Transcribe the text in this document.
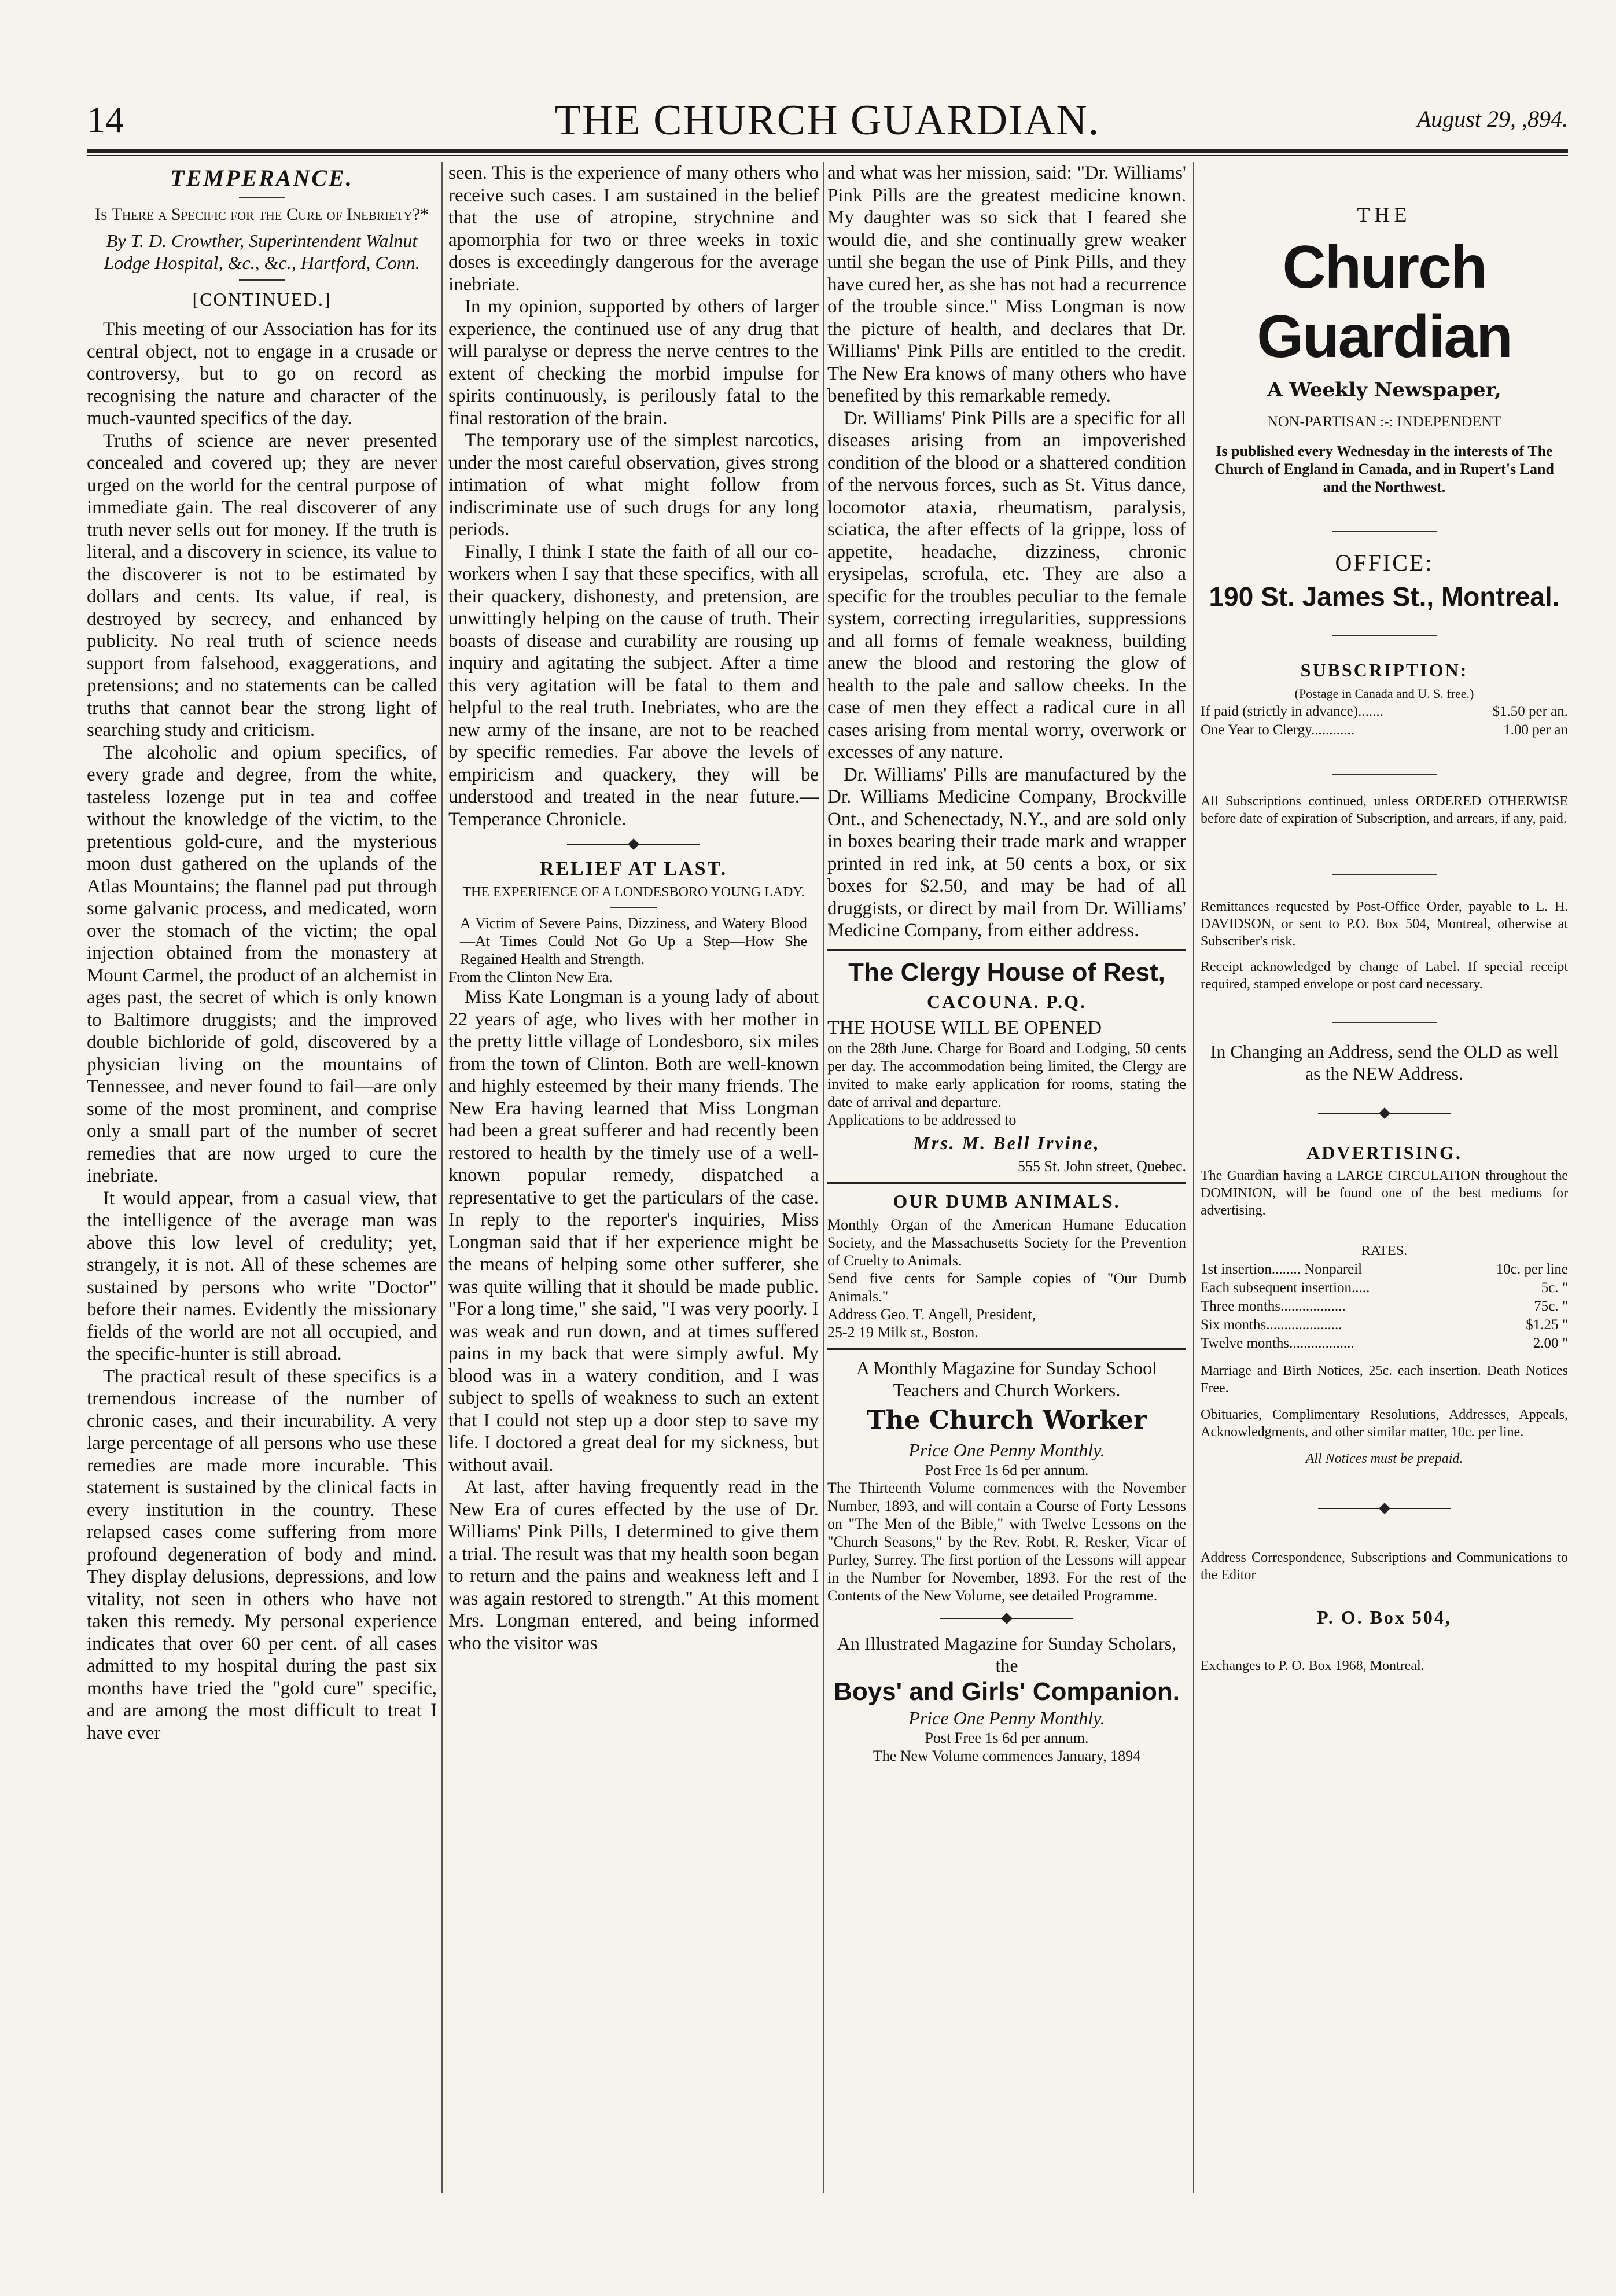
14	THE CHURCH GUARDIAN.	August 29, ,894.
TEMPERANCE.
Is There a Specific for the Cure of Inebriety?*
By T. D. Crowther, Superintendent Walnut Lodge Hospital, &c., &c., Hartford, Conn.
[CONTINUED.]

This meeting of our Association has for its central object, not to engage in a crusade or controversy, but to go on record as recognising the nature and character of the much-vaunted specifics of the day.

Truths of science are never presented concealed and covered up; they are never urged on the world for the central purpose of immediate gain. The real discoverer of any truth never sells out for money. If the truth is literal, and a discovery in science, its value to the discoverer is not to be estimated by dollars and cents. Its value, if real, is destroyed by secrecy, and enhanced by publicity. No real truth of science needs support from falsehood, exaggerations, and pretensions; and no statements can be called truths that cannot bear the strong light of searching study and criticism.

The alcoholic and opium specifics, of every grade and degree, from the white, tasteless lozenge put in tea and coffee without the knowledge of the victim, to the pretentious gold-cure, and the mysterious moon dust gathered on the uplands of the Atlas Mountains; the flannel pad put through some galvanic process, and medicated, worn over the stomach of the victim; the opal injection obtained from the monastery at Mount Carmel, the product of an alchemist in ages past, the secret of which is only known to Baltimore druggists; and the improved double bichloride of gold, discovered by a physician living on the mountains of Tennessee, and never found to fail—are only some of the most prominent, and comprise only a small part of the number of secret remedies that are now urged to cure the inebriate.

It would appear, from a casual view, that the intelligence of the average man was above this low level of credulity; yet, strangely, it is not. All of these schemes are sustained by persons who write "Doctor" before their names. Evidently the missionary fields of the world are not all occupied, and the specific-hunter is still abroad.

The practical result of these specifics is a tremendous increase of the number of chronic cases, and their incurability. A very large percentage of all persons who use these remedies are made more incurable. This statement is sustained by the clinical facts in every institution in the country. These relapsed cases come suffering from more profound degeneration of body and mind. They display delusions, depressions, and low vitality, not seen in others who have not taken this remedy. My personal experience indicates that over 60 per cent. of all cases admitted to my hospital during the past six months have tried the "gold cure" specific, and are among the most difficult to treat I have ever

seen. This is the experience of many others who receive such cases. I am sustained in the belief that the use of atropine, strychnine and apomorphia for two or three weeks in toxic doses is exceedingly dangerous for the average inebriate.

In my opinion, supported by others of larger experience, the continued use of any drug that will paralyse or depress the nerve centres to the extent of checking the morbid impulse for spirits continuously, is perilously fatal to the final restoration of the brain.

The temporary use of the simplest narcotics, under the most careful observation, gives strong intimation of what might follow from indiscriminate use of such drugs for any long periods.

Finally, I think I state the faith of all our co-workers when I say that these specifics, with all their quackery, dishonesty, and pretension, are unwittingly helping on the cause of truth. Their boasts of disease and curability are rousing up inquiry and agitating the subject. After a time this very agitation will be fatal to them and helpful to the real truth. Inebriates, who are the new army of the insane, are not to be reached by specific remedies. Far above the levels of empiricism and quackery, they will be understood and treated in the near future.—Temperance Chronicle.

RELIEF AT LAST.
THE EXPERIENCE OF A LONDESBORO YOUNG LADY.

A Victim of Severe Pains, Dizziness, and Watery Blood—At Times Could Not Go Up a Step—How She Regained Health and Strength.

From the Clinton New Era.

Miss Kate Longman is a young lady of about 22 years of age, who lives with her mother in the pretty little village of Londesboro, six miles from the town of Clinton. Both are well-known and highly esteemed by their many friends. The New Era having learned that Miss Longman had been a great sufferer and had recently been restored to health by the timely use of a well-known popular remedy, dispatched a representative to get the particulars of the case. In reply to the reporter's inquiries, Miss Longman said that if her experience might be the means of helping some other sufferer, she was quite willing that it should be made public. "For a long time," she said, "I was very poorly. I was weak and run down, and at times suffered pains in my back that were simply awful. My blood was in a watery condition, and I was subject to spells of weakness to such an extent that I could not step up a door step to save my life. I doctored a great deal for my sickness, but without avail.

At last, after having frequently read in the New Era of cures effected by the use of Dr. Williams' Pink Pills, I determined to give them a trial. The result was that my health soon began to return and the pains and weakness left and I was again restored to strength." At this moment Mrs. Longman entered, and being informed who the visitor was

and what was her mission, said: "Dr. Williams' Pink Pills are the greatest medicine known. My daughter was so sick that I feared she would die, and she continually grew weaker until she began the use of Pink Pills, and they have cured her, as she has not had a recurrence of the trouble since." Miss Longman is now the picture of health, and declares that Dr. Williams' Pink Pills are entitled to the credit. The New Era knows of many others who have benefited by this remarkable remedy.

Dr. Williams' Pink Pills are a specific for all diseases arising from an impoverished condition of the blood or a shattered condition of the nervous forces, such as St. Vitus dance, locomotor ataxia, rheumatism, paralysis, sciatica, the after effects of la grippe, loss of appetite, headache, dizziness, chronic erysipelas, scrofula, etc. They are also a specific for the troubles peculiar to the female system, correcting irregularities, suppressions and all forms of female weakness, building anew the blood and restoring the glow of health to the pale and sallow cheeks. In the case of men they effect a radical cure in all cases arising from mental worry, overwork or excesses of any nature.

Dr. Williams' Pills are manufactured by the Dr. Williams Medicine Company, Brockville Ont., and Schenectady, N.Y., and are sold only in boxes bearing their trade mark and wrapper printed in red ink, at 50 cents a box, or six boxes for $2.50, and may be had of all druggists, or direct by mail from Dr. Williams' Medicine Company, from either address.

The Clergy House of Rest,
CACOUNA. P.Q.
THE HOUSE WILL BE OPENED

on the 28th June. Charge for Board and Lodging, 50 cents per day. The accommodation being limited, the Clergy are invited to make early application for rooms, stating the date of arrival and departure.

Applications to be addressed to

Mrs. M. Bell Irvine,
555 St. John street, Quebec.
OUR DUMB ANIMALS.

Monthly Organ of the American Humane Education Society, and the Massachusetts Society for the Prevention of Cruelty to Animals.

Send five cents for Sample copies of "Our Dumb Animals."

Address Geo. T. Angell, President,

25-2 19 Milk st., Boston.

A Monthly Magazine for Sunday School Teachers and Church Workers.
The Church Worker
Price One Penny Monthly.
Post Free 1s 6d per annum.

The Thirteenth Volume commences with the November Number, 1893, and will contain a Course of Forty Lessons on "The Men of the Bible," with Twelve Lessons on the "Church Seasons," by the Rev. Robt. R. Resker, Vicar of Purley, Surrey. The first portion of the Lessons will appear in the Number for November, 1893. For the rest of the Contents of the New Volume, see detailed Programme.

An Illustrated Magazine for Sunday Scholars, the
Boys' and Girls' Companion.
Price One Penny Monthly.
Post Free 1s 6d per annum.
The New Volume commences January, 1894
THE
Church Guardian
A Weekly Newspaper,
NON-PARTISAN :-: INDEPENDENT

Is published every Wednesday in the interests of The Church of England in Canada, and in Rupert's Land and the Northwest.

OFFICE:
190 St. James St., Montreal.
SUBSCRIPTION:
(Postage in Canada and U. S. free.)
If paid (strictly in advance).......	$1.50 per an.
One Year to Clergy............	1.00 per an

All Subscriptions continued, unless ORDERED OTHERWISE before date of expiration of Subscription, and arrears, if any, paid.

Remittances requested by Post-Office Order, payable to L. H. DAVIDSON, or sent to P.O. Box 504, Montreal, otherwise at Subscriber's risk.

Receipt acknowledged by change of Label. If special receipt required, stamped envelope or post card necessary.

In Changing an Address, send the OLD as well as the NEW Address.

ADVERTISING.

The Guardian having a LARGE CIRCULATION throughout the DOMINION, will be found one of the best mediums for advertising.

RATES.
1st insertion........ Nonpareil	10c. per line
Each subsequent insertion.....	5c. "
Three months..................	75c. "
Six months.....................	$1.25 "
Twelve months..................	2.00 "

Marriage and Birth Notices, 25c. each insertion. Death Notices Free.

Obituaries, Complimentary Resolutions, Addresses, Appeals, Acknowledgments, and other similar matter, 10c. per line.

All Notices must be prepaid.

Address Correspondence, Subscriptions and Communications to the Editor

P. O. Box 504,

Exchanges to P. O. Box 1968, Montreal.
